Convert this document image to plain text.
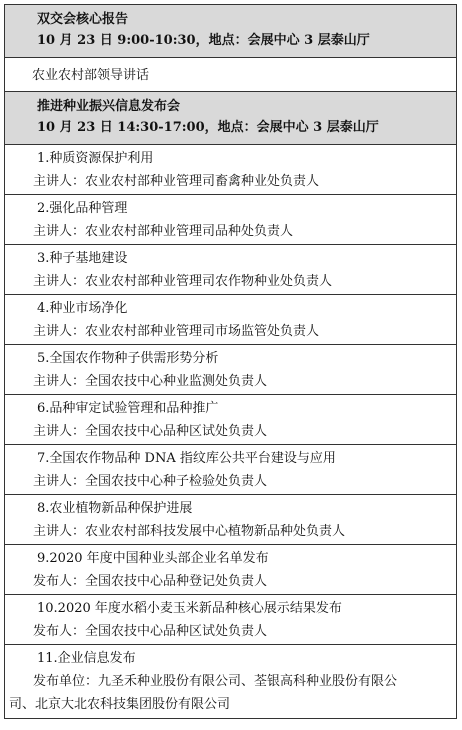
双交会核心报告
10 月 23 日 9:00-10:30，地点：会展中心 3 层泰山厅

农业农村部领导讲话

推进种业振兴信息发布会
10 月 23 日 14:30-17:00，地点：会展中心 3 层泰山厅

1.种质资源保护利用
主讲人：农业农村部种业管理司畜禽种业处负责人

2.强化品种管理
主讲人：农业农村部种业管理司品种处负责人

3.种子基地建设
主讲人：农业农村部种业管理司农作物种业处负责人

4.种业市场净化
主讲人：农业农村部种业管理司市场监管处负责人

5.全国农作物种子供需形势分析
主讲人：全国农技中心种业监测处负责人

6.品种审定试验管理和品种推广
主讲人：全国农技中心品种区试处负责人

7.全国农作物品种 DNA 指纹库公共平台建设与应用
主讲人：全国农技中心种子检验处负责人

8.农业植物新品种保护进展
主讲人：农业农村部科技发展中心植物新品种处负责人

9.2020 年度中国种业头部企业名单发布
发布人：全国农技中心品种登记处负责人

10.2020 年度水稻小麦玉米新品种核心展示结果发布
发布人：全国农技中心品种区试处负责人

11.企业信息发布
发布单位：九圣禾种业股份有限公司、荃银高科种业股份有限公
司、北京大北农科技集团股份有限公司
